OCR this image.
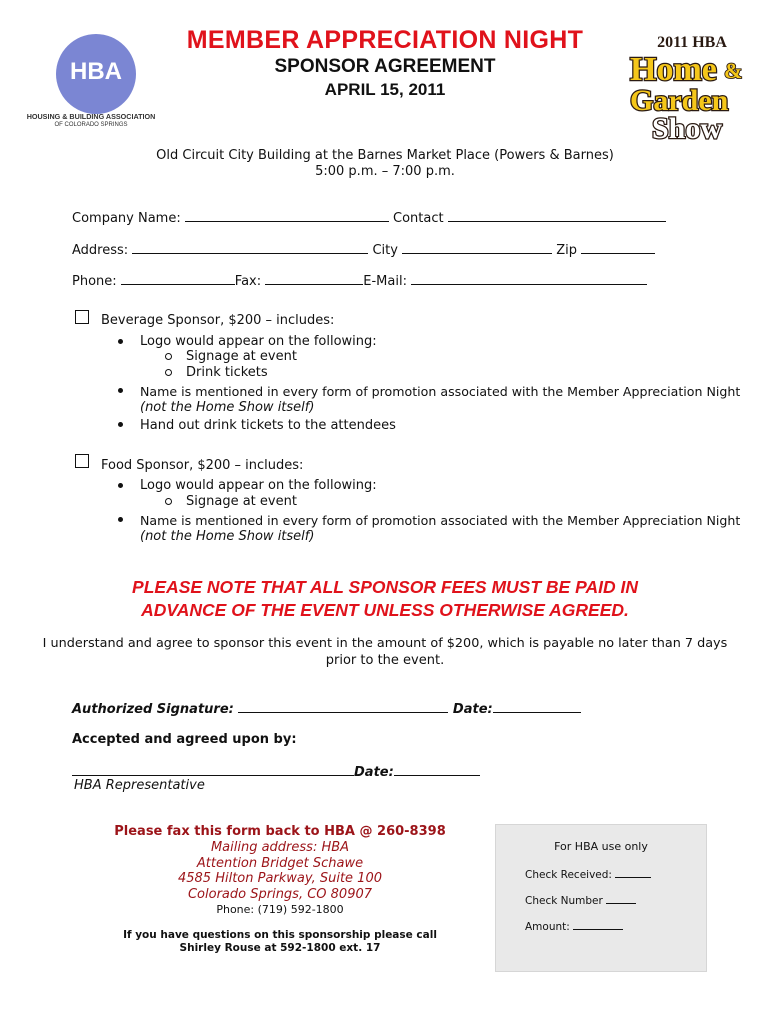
HBA
HOUSING & BUILDING ASSOCIATION
OF COLORADO SPRINGS
2011 HBA
Home &
Garden
Show
MEMBER APPRECIATION NIGHT
SPONSOR AGREEMENT
APRIL 15, 2011
Old Circuit City Building at the Barnes Market Place (Powers & Barnes)
5:00 p.m. – 7:00 p.m.
Company Name:	Contact
Address:	City	Zip
Phone:	Fax:	E-Mail:
Beverage Sponsor, $200 – includes:
Logo would appear on the following:
Signage at event
Drink tickets
Name is mentioned in every form of promotion associated with the Member Appreciation Night
(not the Home Show itself)
Hand out drink tickets to the attendees
Food Sponsor, $200 – includes:
Logo would appear on the following:
Signage at event
Name is mentioned in every form of promotion associated with the Member Appreciation Night
(not the Home Show itself)
PLEASE NOTE THAT ALL SPONSOR FEES MUST BE PAID IN
ADVANCE OF THE EVENT UNLESS OTHERWISE AGREED.
I understand and agree to sponsor this event in the amount of $200, which is payable no later than 7 days
prior to the event.
Authorized Signature:	Date:
Accepted and agreed upon by:
Date:
HBA Representative
Please fax this form back to HBA @ 260-8398
Mailing address: HBA
Attention Bridget Schawe
4585 Hilton Parkway, Suite 100
Colorado Springs, CO 80907
Phone: (719) 592-1800
If you have questions on this sponsorship please call
Shirley Rouse at 592-1800 ext. 17
For HBA use only
Check Received:
Check Number
Amount:
